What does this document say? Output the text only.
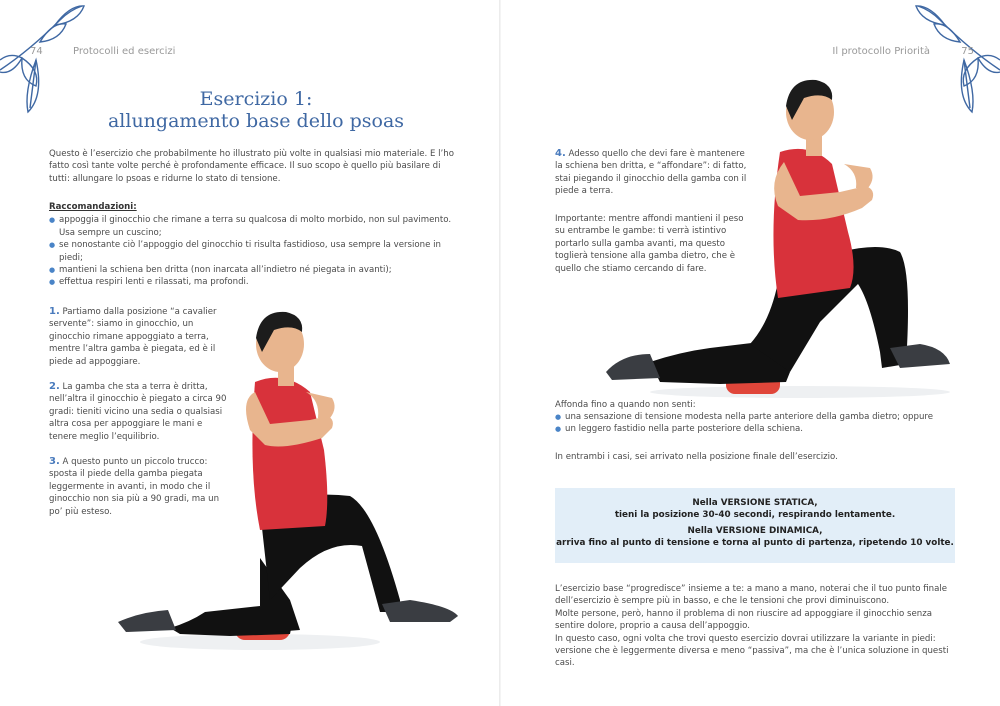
74	Protocolli ed esercizi	Il protocollo Priorità	75
Esercizio 1:
allungamento base dello psoas

Questo è l’esercizio che probabilmente ho illustrato più volte in qualsiasi mio materiale. E l’ho fatto così tante volte perché è profondamente efficace. Il suo scopo è quello più basilare di tutti: allungare lo psoas e ridurne lo stato di tensione.

Raccomandazioni:
● appoggia il ginocchio che rimane a terra su qualcosa di molto morbido, non sul pavimento. Usa sempre un cuscino;
● se nonostante ciò l’appoggio del ginocchio ti risulta fastidioso, usa sempre la versione in piedi;
● mantieni la schiena ben dritta (non inarcata all’indietro né piegata in avanti);
● effettua respiri lenti e rilassati, ma profondi.

1. Partiamo dalla posizione “a cavalier servente”: siamo in ginocchio, un ginocchio rimane appoggiato a terra, mentre l’altra gamba è piegata, ed è il piede ad appoggiare.

2. La gamba che sta a terra è dritta, nell’altra il ginocchio è piegato a circa 90 gradi: tieniti vicino una sedia o qualsiasi altra cosa per appoggiare le mani e tenere meglio l’equilibrio.

3. A questo punto un piccolo trucco: sposta il piede della gamba piegata leggermente in avanti, in modo che il ginocchio non sia più a 90 gradi, ma un po’ più esteso.

4. Adesso quello che devi fare è mantenere la schiena ben dritta, e “affondare”: di fatto, stai piegando il ginocchio della gamba con il piede a terra.

Importante: mentre affondi mantieni il peso su entrambe le gambe: ti verrà istintivo portarlo sulla gamba avanti, ma questo toglierà tensione alla gamba dietro, che è quello che stiamo cercando di fare.

Affonda fino a quando non senti:

● una sensazione di tensione modesta nella parte anteriore della gamba dietro; oppure
● un leggero fastidio nella parte posteriore della schiena.

In entrambi i casi, sei arrivato nella posizione finale dell’esercizio.

Nella VERSIONE STATICA,
tieni la posizione 30-40 secondi, respirando lentamente.

Nella VERSIONE DINAMICA,
arriva fino al punto di tensione e torna al punto di partenza, ripetendo 10 volte.

L’esercizio base “progredisce” insieme a te: a mano a mano, noterai che il tuo punto finale dell’esercizio è sempre più in basso, e che le tensioni che provi diminuiscono.

Molte persone, però, hanno il problema di non riuscire ad appoggiare il ginocchio senza sentire dolore, proprio a causa dell’appoggio.

In questo caso, ogni volta che trovi questo esercizio dovrai utilizzare la variante in piedi: versione che è leggermente diversa e meno “passiva”, ma che è l’unica soluzione in questi casi.
